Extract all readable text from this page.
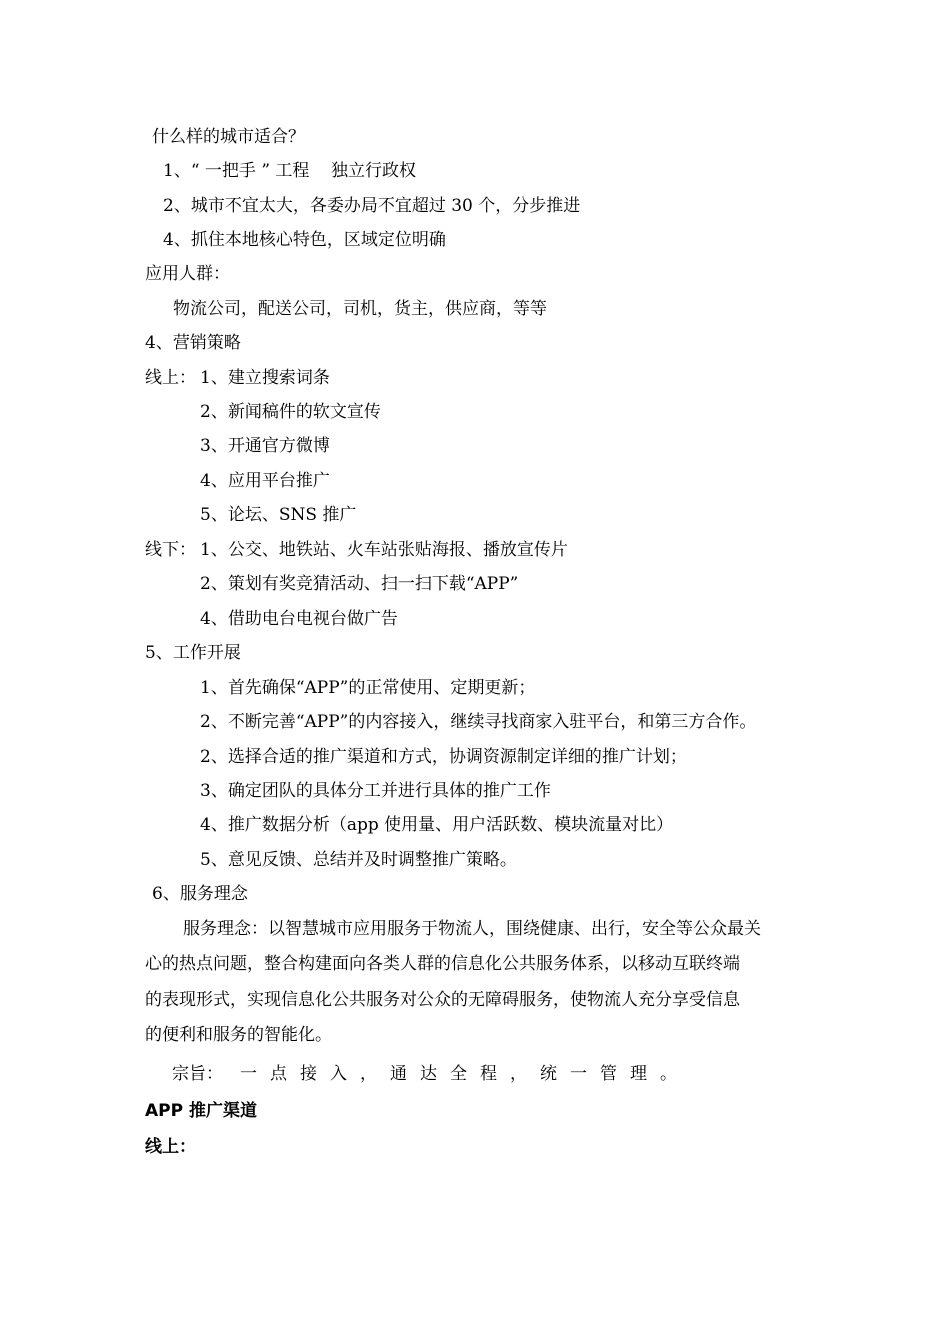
什么样的城市适合？
1、“ 一把手 ” 工程    独立行政权
2、城市不宜太大，各委办局不宜超过 30 个，分步推进
4、抓住本地核心特色，区域定位明确
应用人群：
物流公司，配送公司，司机，货主，供应商，等等
4、营销策略
线上： 1、建立搜索词条
2、新闻稿件的软文宣传
3、开通官方微博
4、应用平台推广
5、论坛、SNS 推广
线下： 1、公交、地铁站、火车站张贴海报、播放宣传片
2、策划有奖竞猜活动、扫一扫下载“APP”
4、借助电台电视台做广告
5、工作开展
1、首先确保“APP”的正常使用、定期更新；
2、不断完善“APP”的内容接入，继续寻找商家入驻平台，和第三方合作。
2、选择合适的推广渠道和方式，协调资源制定详细的推广计划；
3、确定团队的具体分工并进行具体的推广工作
4、推广数据分析（app 使用量、用户活跃数、模块流量对比）
5、意见反馈、总结并及时调整推广策略。
6、服务理念
服务理念：以智慧城市应用服务于物流人，围绕健康、出行，安全等公众最关
心的热点问题，整合构建面向各类人群的信息化公共服务体系，以移动互联终端
的表现形式，实现信息化公共服务对公众的无障碍服务，使物流人充分享受信息
的便利和服务的智能化。
宗旨： 一点接入，通达全程，统一管理。
APP 推广渠道
线上：
